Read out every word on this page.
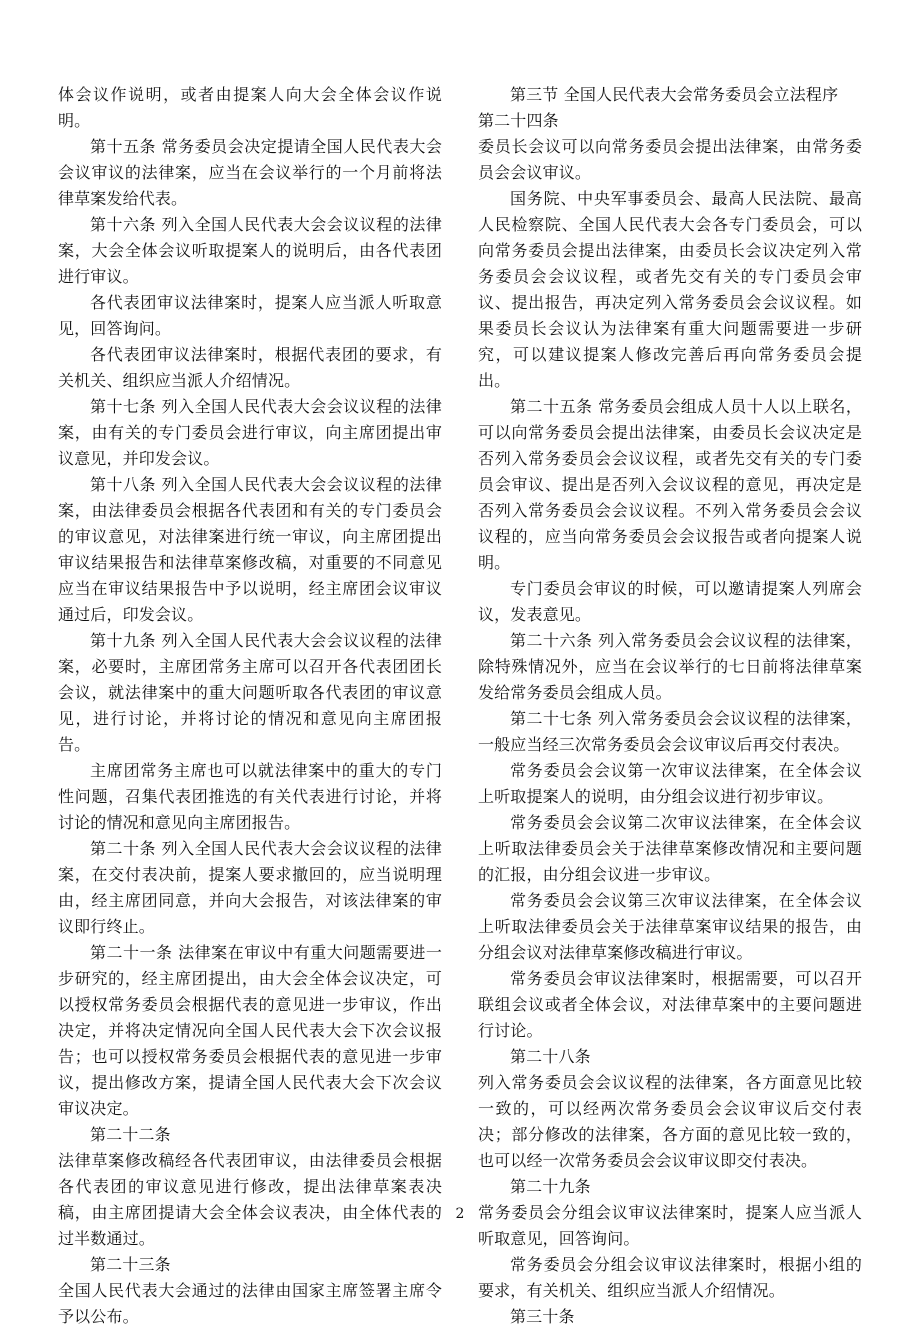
体会议作说明，或者由提案人向大会全体会议作说明。

第十五条 常务委员会决定提请全国人民代表大会会议审议的法律案，应当在会议举行的一个月前将法律草案发给代表。

第十六条 列入全国人民代表大会会议议程的法律案，大会全体会议听取提案人的说明后，由各代表团进行审议。

各代表团审议法律案时，提案人应当派人听取意见，回答询问。

各代表团审议法律案时，根据代表团的要求，有关机关、组织应当派人介绍情况。

第十七条 列入全国人民代表大会会议议程的法律案，由有关的专门委员会进行审议，向主席团提出审议意见，并印发会议。

第十八条 列入全国人民代表大会会议议程的法律案，由法律委员会根据各代表团和有关的专门委员会的审议意见，对法律案进行统一审议，向主席团提出审议结果报告和法律草案修改稿，对重要的不同意见应当在审议结果报告中予以说明，经主席团会议审议通过后，印发会议。

第十九条 列入全国人民代表大会会议议程的法律案，必要时，主席团常务主席可以召开各代表团团长会议，就法律案中的重大问题听取各代表团的审议意见，进行讨论，并将讨论的情况和意见向主席团报告。

主席团常务主席也可以就法律案中的重大的专门性问题，召集代表团推选的有关代表进行讨论，并将讨论的情况和意见向主席团报告。

第二十条 列入全国人民代表大会会议议程的法律案，在交付表决前，提案人要求撤回的，应当说明理由，经主席团同意，并向大会报告，对该法律案的审议即行终止。

第二十一条 法律案在审议中有重大问题需要进一步研究的，经主席团提出，由大会全体会议决定，可以授权常务委员会根据代表的意见进一步审议，作出决定，并将决定情况向全国人民代表大会下次会议报告；也可以授权常务委员会根据代表的意见进一步审议，提出修改方案，提请全国人民代表大会下次会议审议决定。

第二十二条

法律草案修改稿经各代表团审议，由法律委员会根据各代表团的审议意见进行修改，提出法律草案表决稿，由主席团提请大会全体会议表决，由全体代表的过半数通过。

第二十三条

全国人民代表大会通过的法律由国家主席签署主席令予以公布。

第三节 全国人民代表大会常务委员会立法程序

第二十四条

委员长会议可以向常务委员会提出法律案，由常务委员会会议审议。

国务院、中央军事委员会、最高人民法院、最高人民检察院、全国人民代表大会各专门委员会，可以向常务委员会提出法律案，由委员长会议决定列入常务委员会会议议程，或者先交有关的专门委员会审议、提出报告，再决定列入常务委员会会议议程。如果委员长会议认为法律案有重大问题需要进一步研究，可以建议提案人修改完善后再向常务委员会提出。

第二十五条 常务委员会组成人员十人以上联名，可以向常务委员会提出法律案，由委员长会议决定是否列入常务委员会会议议程，或者先交有关的专门委员会审议、提出是否列入会议议程的意见，再决定是否列入常务委员会会议议程。不列入常务委员会会议议程的，应当向常务委员会会议报告或者向提案人说明。

专门委员会审议的时候，可以邀请提案人列席会议，发表意见。

第二十六条 列入常务委员会会议议程的法律案，除特殊情况外，应当在会议举行的七日前将法律草案发给常务委员会组成人员。

第二十七条 列入常务委员会会议议程的法律案，一般应当经三次常务委员会会议审议后再交付表决。

常务委员会会议第一次审议法律案，在全体会议上听取提案人的说明，由分组会议进行初步审议。

常务委员会会议第二次审议法律案，在全体会议上听取法律委员会关于法律草案修改情况和主要问题的汇报，由分组会议进一步审议。

常务委员会会议第三次审议法律案，在全体会议上听取法律委员会关于法律草案审议结果的报告，由分组会议对法律草案修改稿进行审议。

常务委员会审议法律案时，根据需要，可以召开联组会议或者全体会议，对法律草案中的主要问题进行讨论。

第二十八条

列入常务委员会会议议程的法律案，各方面意见比较一致的，可以经两次常务委员会会议审议后交付表决；部分修改的法律案，各方面的意见比较一致的，也可以经一次常务委员会会议审议即交付表决。

第二十九条

常务委员会分组会议审议法律案时，提案人应当派人听取意见，回答询问。

常务委员会分组会议审议法律案时，根据小组的要求，有关机关、组织应当派人介绍情况。

第三十条

2
